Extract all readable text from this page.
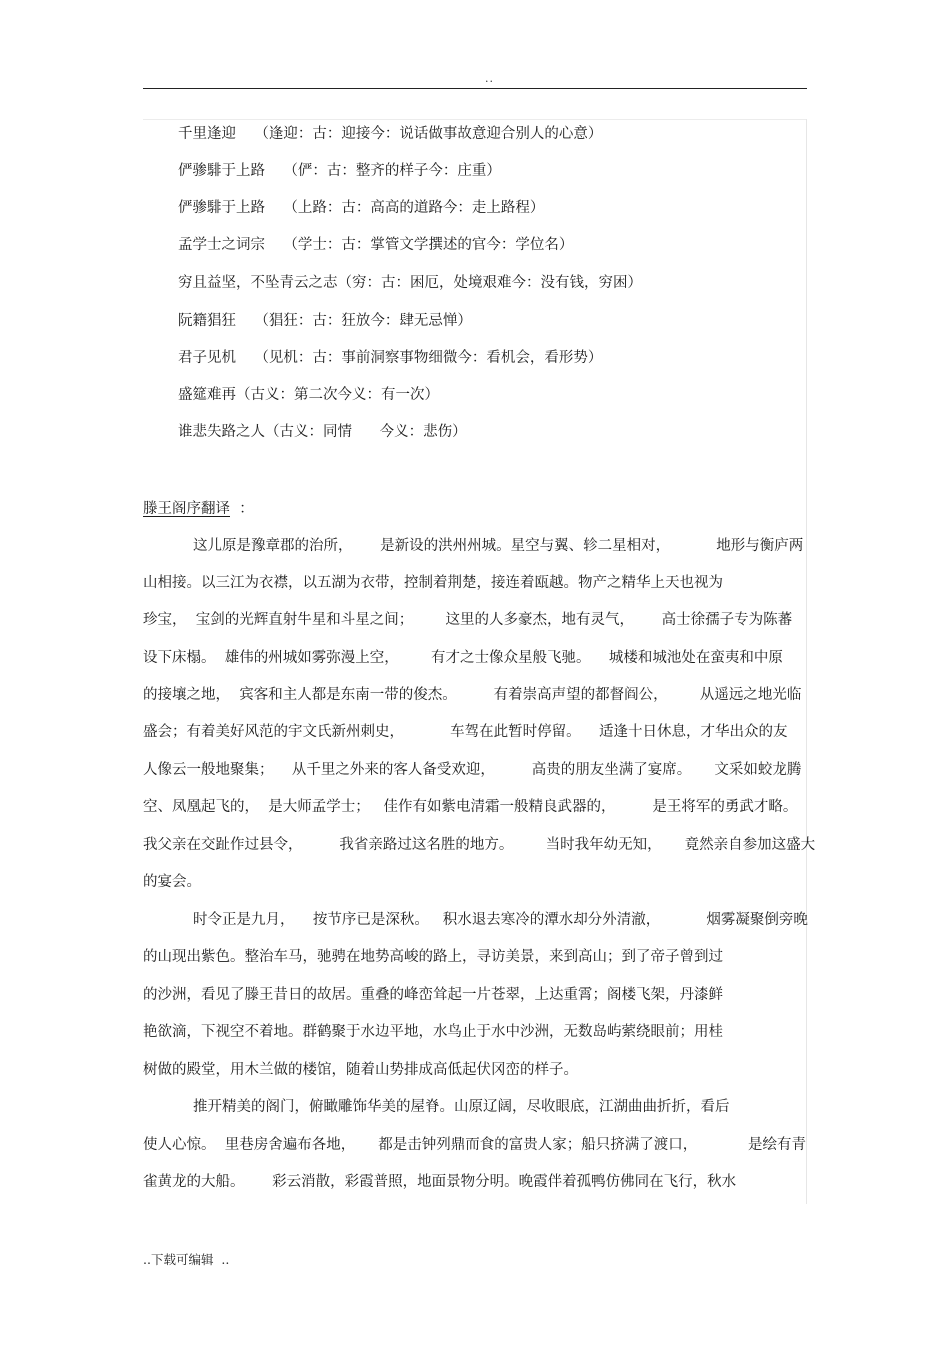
..
千里逢迎    （逢迎：古：迎接今：说话做事故意迎合别人的心意）
俨骖騑于上路    （俨：古：整齐的样子今：庄重）
俨骖騑于上路    （上路：古：高高的道路今：走上路程）
孟学士之词宗    （学士：古：掌管文学撰述的官今：学位名）
穷且益坚，不坠青云之志（穷：古：困厄，处境艰难今：没有钱，穷困）
阮籍猖狂    （猖狂：古：狂放今：肆无忌惮）
君子见机    （见机：古：事前洞察事物细微今：看机会，看形势）
盛筵难再（古义：第二次今义：有一次）
谁悲失路之人（古义：同情      今义：悲伤）
滕王阁序翻译 ：
这儿原是豫章郡的治所，      是新设的洪州州城。星空与翼、轸二星相对，          地形与衡庐两
山相接。以三江为衣襟，以五湖为衣带，控制着荆楚，接连着瓯越。物产之精华上天也视为
珍宝，  宝剑的光辉直射牛星和斗星之间；       这里的人多豪杰，地有灵气，      高士徐孺子专为陈蕃
设下床榻。  雄伟的州城如雾弥漫上空，       有才之士像众星般飞驰。    城楼和城池处在蛮夷和中原
的接壤之地，  宾客和主人都是东南一带的俊杰。        有着崇高声望的都督阎公，       从遥远之地光临
盛会；有着美好风范的宇文氏新州刺史，          车驾在此暂时停留。    适逢十日休息，才华出众的友
人像云一般地聚集；    从千里之外来的客人备受欢迎，        高贵的朋友坐满了宴席。     文采如蛟龙腾
空、凤凰起飞的，  是大师孟学士；   佳作有如紫电清霜一般精良武器的，        是王将军的勇武才略。
我父亲在交趾作过县令，        我省亲路过这名胜的地方。       当时我年幼无知，     竟然亲自参加这盛大
的宴会。
时令正是九月，    按节序已是深秋。   积水退去寒冷的潭水却分外清澈，          烟雾凝聚倒旁晚
的山现出紫色。整治车马，驰骋在地势高峻的路上，寻访美景，来到高山；到了帝子曾到过
的沙洲，看见了滕王昔日的故居。重叠的峰峦耸起一片苍翠，上达重霄；阁楼飞架，丹漆鲜
艳欲滴，下视空不着地。群鹤聚于水边平地，水鸟止于水中沙洲，无数岛屿萦绕眼前；用桂
树做的殿堂，用木兰做的楼馆，随着山势排成高低起伏冈峦的样子。
推开精美的阁门，俯瞰雕饰华美的屋脊。山原辽阔，尽收眼底，江湖曲曲折折，看后
使人心惊。  里巷房舍遍布各地，     都是击钟列鼎而食的富贵人家；船只挤满了渡口，           是绘有青
雀黄龙的大船。      彩云消散，彩霞普照，地面景物分明。晚霞伴着孤鸭仿佛同在飞行，秋水
..下载可编辑  ..
